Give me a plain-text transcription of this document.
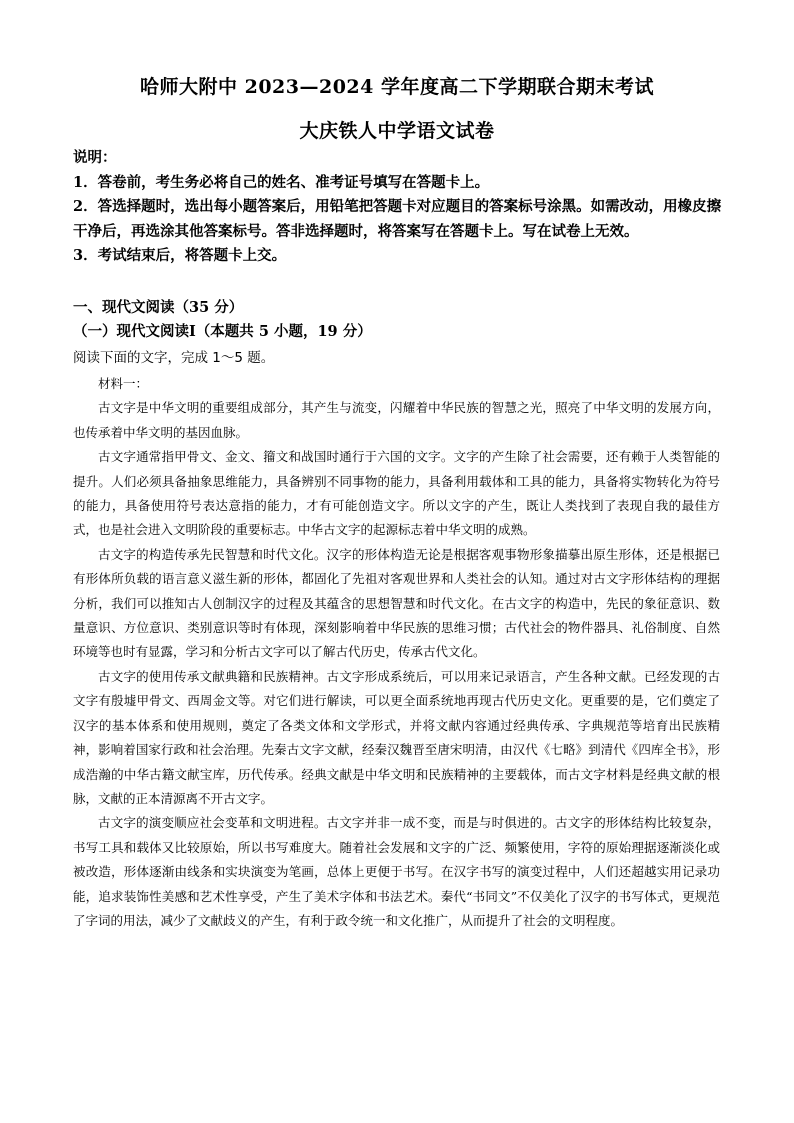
哈师大附中 2023—2024 学年度高二下学期联合期末考试
大庆铁人中学语文试卷

说明：

1．答卷前，考生务必将自己的姓名、准考证号填写在答题卡上。

2．答选择题时，选出每小题答案后，用铅笔把答题卡对应题目的答案标号涂黑。如需改动，用橡皮擦干净后，再选涂其他答案标号。答非选择题时，将答案写在答题卡上。写在试卷上无效。

3．考试结束后，将答题卡上交。

一、现代文阅读（35 分）
（一）现代文阅读Ⅰ（本题共 5 小题，19 分）
阅读下面的文字，完成 1～5 题。

材料一：

古文字是中华文明的重要组成部分，其产生与流变，闪耀着中华民族的智慧之光，照亮了中华文明的发展方向，也传承着中华文明的基因血脉。

古文字通常指甲骨文、金文、籀文和战国时通行于六国的文字。文字的产生除了社会需要，还有赖于人类智能的提升。人们必须具备抽象思维能力，具备辨别不同事物的能力，具备利用载体和工具的能力，具备将实物转化为符号的能力，具备使用符号表达意指的能力，才有可能创造文字。所以文字的产生，既让人类找到了表现自我的最佳方式，也是社会进入文明阶段的重要标志。中华古文字的起源标志着中华文明的成熟。

古文字的构造传承先民智慧和时代文化。汉字的形体构造无论是根据客观事物形象描摹出原生形体，还是根据已有形体所负载的语言意义滋生新的形体，都固化了先祖对客观世界和人类社会的认知。通过对古文字形体结构的理据分析，我们可以推知古人创制汉字的过程及其蕴含的思想智慧和时代文化。在古文字的构造中，先民的象征意识、数量意识、方位意识、类别意识等时有体现，深刻影响着中华民族的思维习惯；古代社会的物件器具、礼俗制度、自然环境等也时有显露，学习和分析古文字可以了解古代历史，传承古代文化。

古文字的使用传承文献典籍和民族精神。古文字形成系统后，可以用来记录语言，产生各种文献。已经发现的古文字有殷墟甲骨文、西周金文等。对它们进行解读，可以更全面系统地再现古代历史文化。更重要的是，它们奠定了汉字的基本体系和使用规则，奠定了各类文体和文学形式，并将文献内容通过经典传承、字典规范等培育出民族精神，影响着国家行政和社会治理。先秦古文字文献，经秦汉魏晋至唐宋明清，由汉代《七略》到清代《四库全书》，形成浩瀚的中华古籍文献宝库，历代传承。经典文献是中华文明和民族精神的主要载体，而古文字材料是经典文献的根脉，文献的正本清源离不开古文字。

古文字的演变顺应社会变革和文明进程。古文字并非一成不变，而是与时俱进的。古文字的形体结构比较复杂，书写工具和载体又比较原始，所以书写难度大。随着社会发展和文字的广泛、频繁使用，字符的原始理据逐渐淡化或被改造，形体逐渐由线条和实块演变为笔画，总体上更便于书写。在汉字书写的演变过程中，人们还超越实用记录功能，追求装饰性美感和艺术性享受，产生了美术字体和书法艺术。秦代“书同文”不仅美化了汉字的书写体式，更规范了字词的用法，减少了文献歧义的产生，有利于政令统一和文化推广，从而提升了社会的文明程度。
